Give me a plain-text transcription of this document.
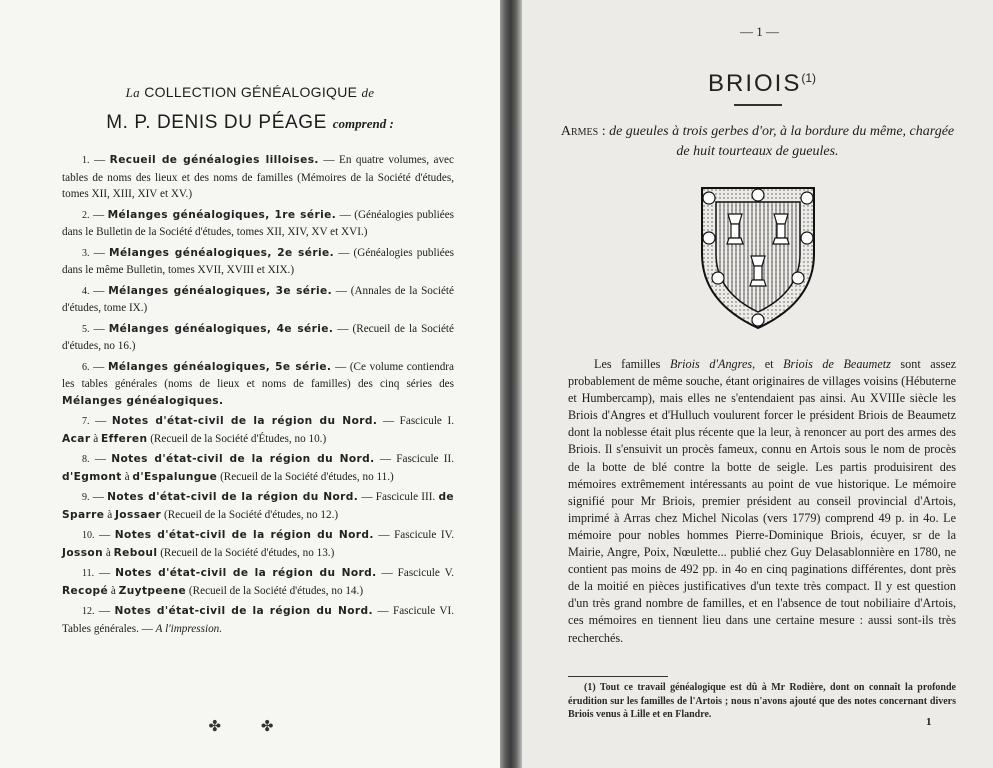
La COLLECTION GÉNÉALOGIQUE de
M. P. DENIS DU PÉAGE comprend :
1. — Recueil de généalogies lilloises. — En quatre volumes, avec tables de noms des lieux et des noms de familles (Mémoires de la Société d'études, tomes XII, XIII, XIV et XV.)
2. — Mélanges généalogiques, 1re série. — (Généalogies publiées dans le Bulletin de la Société d'études, tomes XII, XIV, XV et XVI.)
3. — Mélanges généalogiques, 2e série. — (Généalogies publiées dans le même Bulletin, tomes XVII, XVIII et XIX.)
4. — Mélanges généalogiques, 3e série. — (Annales de la Société d'études, tome IX.)
5. — Mélanges généalogiques, 4e série. — (Recueil de la Société d'études, no 16.)
6. — Mélanges généalogiques, 5e série. — (Ce volume contiendra les tables générales (noms de lieux et noms de familles) des cinq séries des Mélanges généalogiques.
7. — Notes d'état-civil de la région du Nord. — Fascicule I. Acar à Efferen (Recueil de la Société d'Études, no 10.)
8. — Notes d'état-civil de la région du Nord. — Fascicule II. d'Egmont à d'Espalungue (Recueil de la Société d'études, no 11.)
9. — Notes d'état-civil de la région du Nord. — Fascicule III. de Sparre à Jossaer (Recueil de la Société d'études, no 12.)
10. — Notes d'état-civil de la région du Nord. — Fascicule IV. Josson à Reboul (Recueil de la Société d'études, no 13.)
11. — Notes d'état-civil de la région du Nord. — Fascicule V. Recopé à Zuytpeene (Recueil de la Société d'études, no 14.)
12. — Notes d'état-civil de la région du Nord. — Fascicule VI. Tables générales. — A l'impression.
✤ ✤
— 1 —
BRIOIS$^{(1)}$
Armes : de gueules à trois gerbes d'or, à la bordure du même, chargée de huit tourteaux de gueules.
Les familles Briois d'Angres, et Briois de Beaumetz sont assez probablement de même souche, étant originaires de villages voisins (Hébuterne et Humbercamp), mais elles ne s'entendaient pas ainsi. Au XVIIIe siècle les Briois d'Angres et d'Hulluch voulurent forcer le président Briois de Beaumetz dont la noblesse était plus récente que la leur, à renoncer au port des armes des Briois. Il s'ensuivit un procès fameux, connu en Artois sous le nom de procès de la botte de blé contre la botte de seigle. Les partis produisirent des mémoires extrêmement intéressants au point de vue historique. Le mémoire signifié pour Mr Briois, premier président au conseil provincial d'Artois, imprimé à Arras chez Michel Nicolas (vers 1779) comprend 49 p. in 4o. Le mémoire pour nobles hommes Pierre-Dominique Briois, écuyer, sr de la Mairie, Angre, Poix, Nœulette... publié chez Guy Delasablonnière en 1780, ne contient pas moins de 492 pp. in 4o en cinq paginations différentes, dont près de la moitié en pièces justificatives d'un texte très compact. Il y est question d'un très grand nombre de familles, et en l'absence de tout nobiliaire d'Artois, ces mémoires en tiennent lieu dans une certaine mesure : aussi sont-ils très recherchés.
(1) Tout ce travail généalogique est dû à Mr Rodière, dont on connaît la profonde érudition sur les familles de l'Artois ; nous n'avons ajouté que des notes concernant divers Briois venus à Lille et en Flandre.
1
